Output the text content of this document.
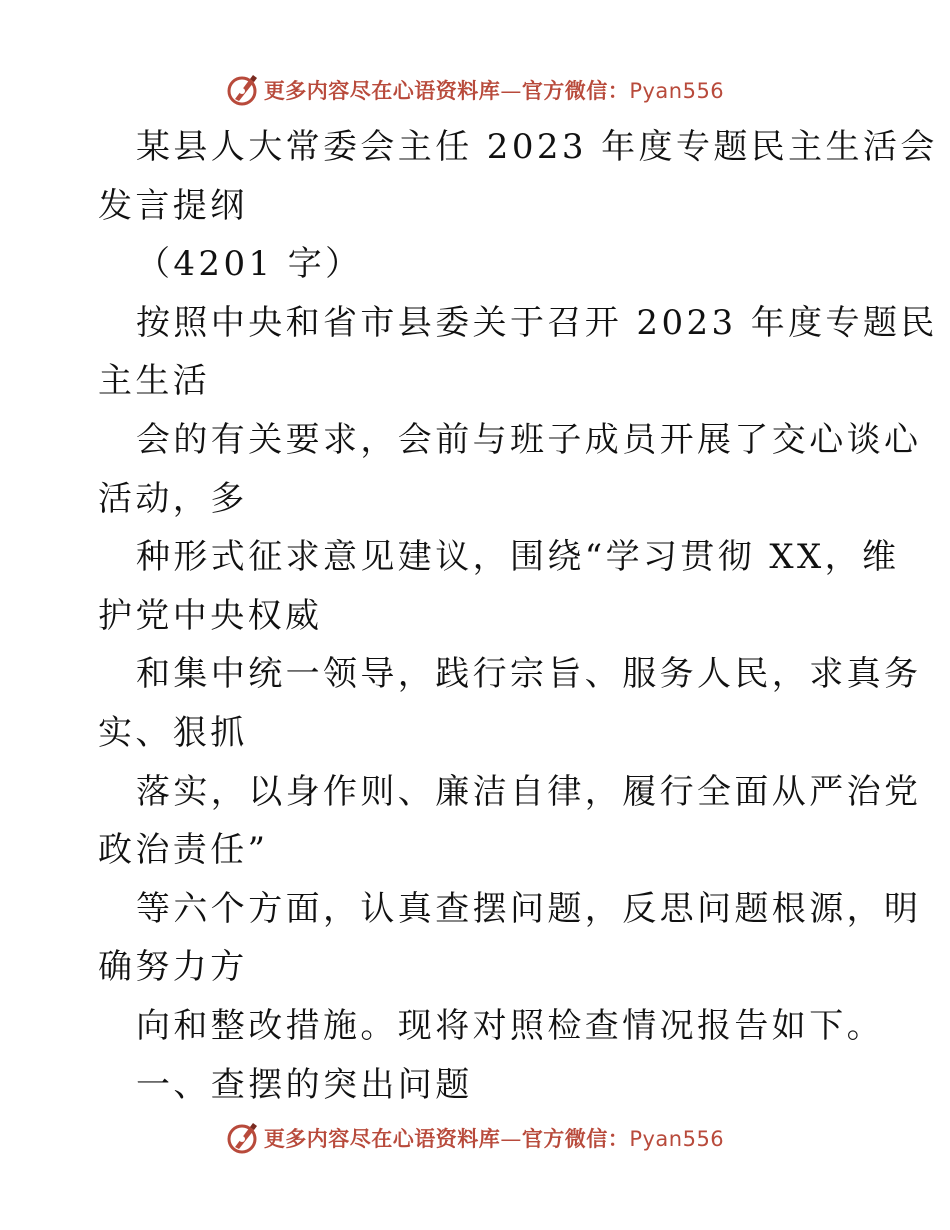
更多内容尽在心语资料库—官方微信：Pyan556
某县人大常委会主任 2023 年度专题民主生活会
发言提纲
（4201 字）
按照中央和省市县委关于召开 2023 年度专题民
主生活
会的有关要求，会前与班子成员开展了交心谈心
活动，多
种形式征求意见建议，围绕“学习贯彻 XX，维
护党中央权威
和集中统一领导，践行宗旨、服务人民，求真务
实、狠抓
落实，以身作则、廉洁自律，履行全面从严治党
政治责任”
等六个方面，认真查摆问题，反思问题根源，明
确努力方
向和整改措施。现将对照检查情况报告如下。
一、查摆的突出问题
更多内容尽在心语资料库—官方微信：Pyan556
